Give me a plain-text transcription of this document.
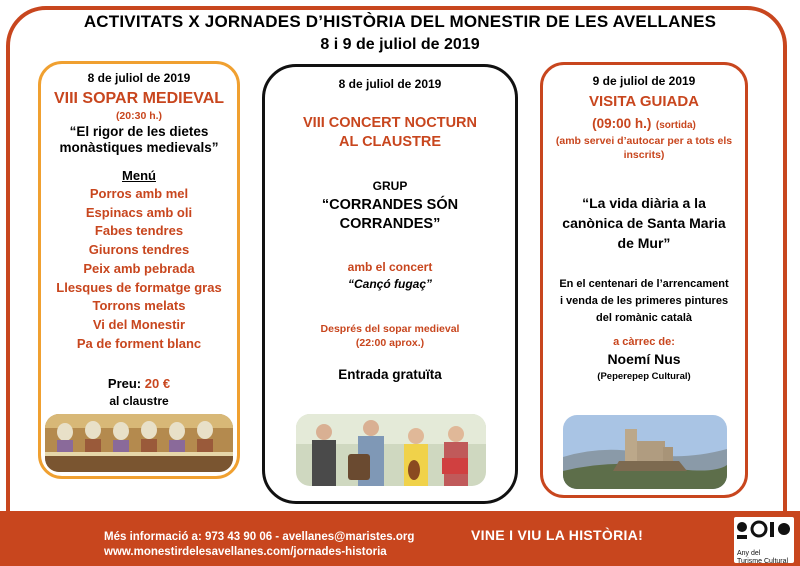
ACTIVITATS X JORNADES D’HISTÒRIA DEL MONESTIR DE LES AVELLANES
8 i 9 de juliol de 2019
8 de juliol de 2019
VIII SOPAR MEDIEVAL
(20:30 h.)
“El rigor de les dietes
monàstiques medievals”
Menú
Porros amb mel
Espinacs amb oli
Fabes tendres
Giurons tendres
Peix amb pebrada
Llesques de formatge gras
Torrons melats
Vi del Monestir
Pa de forment blanc
Preu: 20 €
al claustre
8 de juliol de 2019
VIII CONCERT NOCTURN
AL CLAUSTRE
GRUP
“CORRANDES SÓN
CORRANDES”
amb el concert
“Cançó fugaç”
Després del sopar medieval
(22:00 aprox.)
Entrada gratuïta
9 de juliol de 2019
VISITA GUIADA
(09:00 h.) (sortida)
(amb servei d’autocar per a tots els
inscrits)
“La vida diària a la
canònica de Santa Maria
de Mur”
En el centenari de l’arrencament
i venda de les primeres pintures
del romànic català
a càrrec de:
Noemí Nus
(Peperepep Cultural)
Més informació a: 973 43 90 06 - avellanes@maristes.org
www.monestirdelesavellanes.com/jornades-historia
VINE I VIU LA HISTÒRIA!
Any del
Turisme Cultural
